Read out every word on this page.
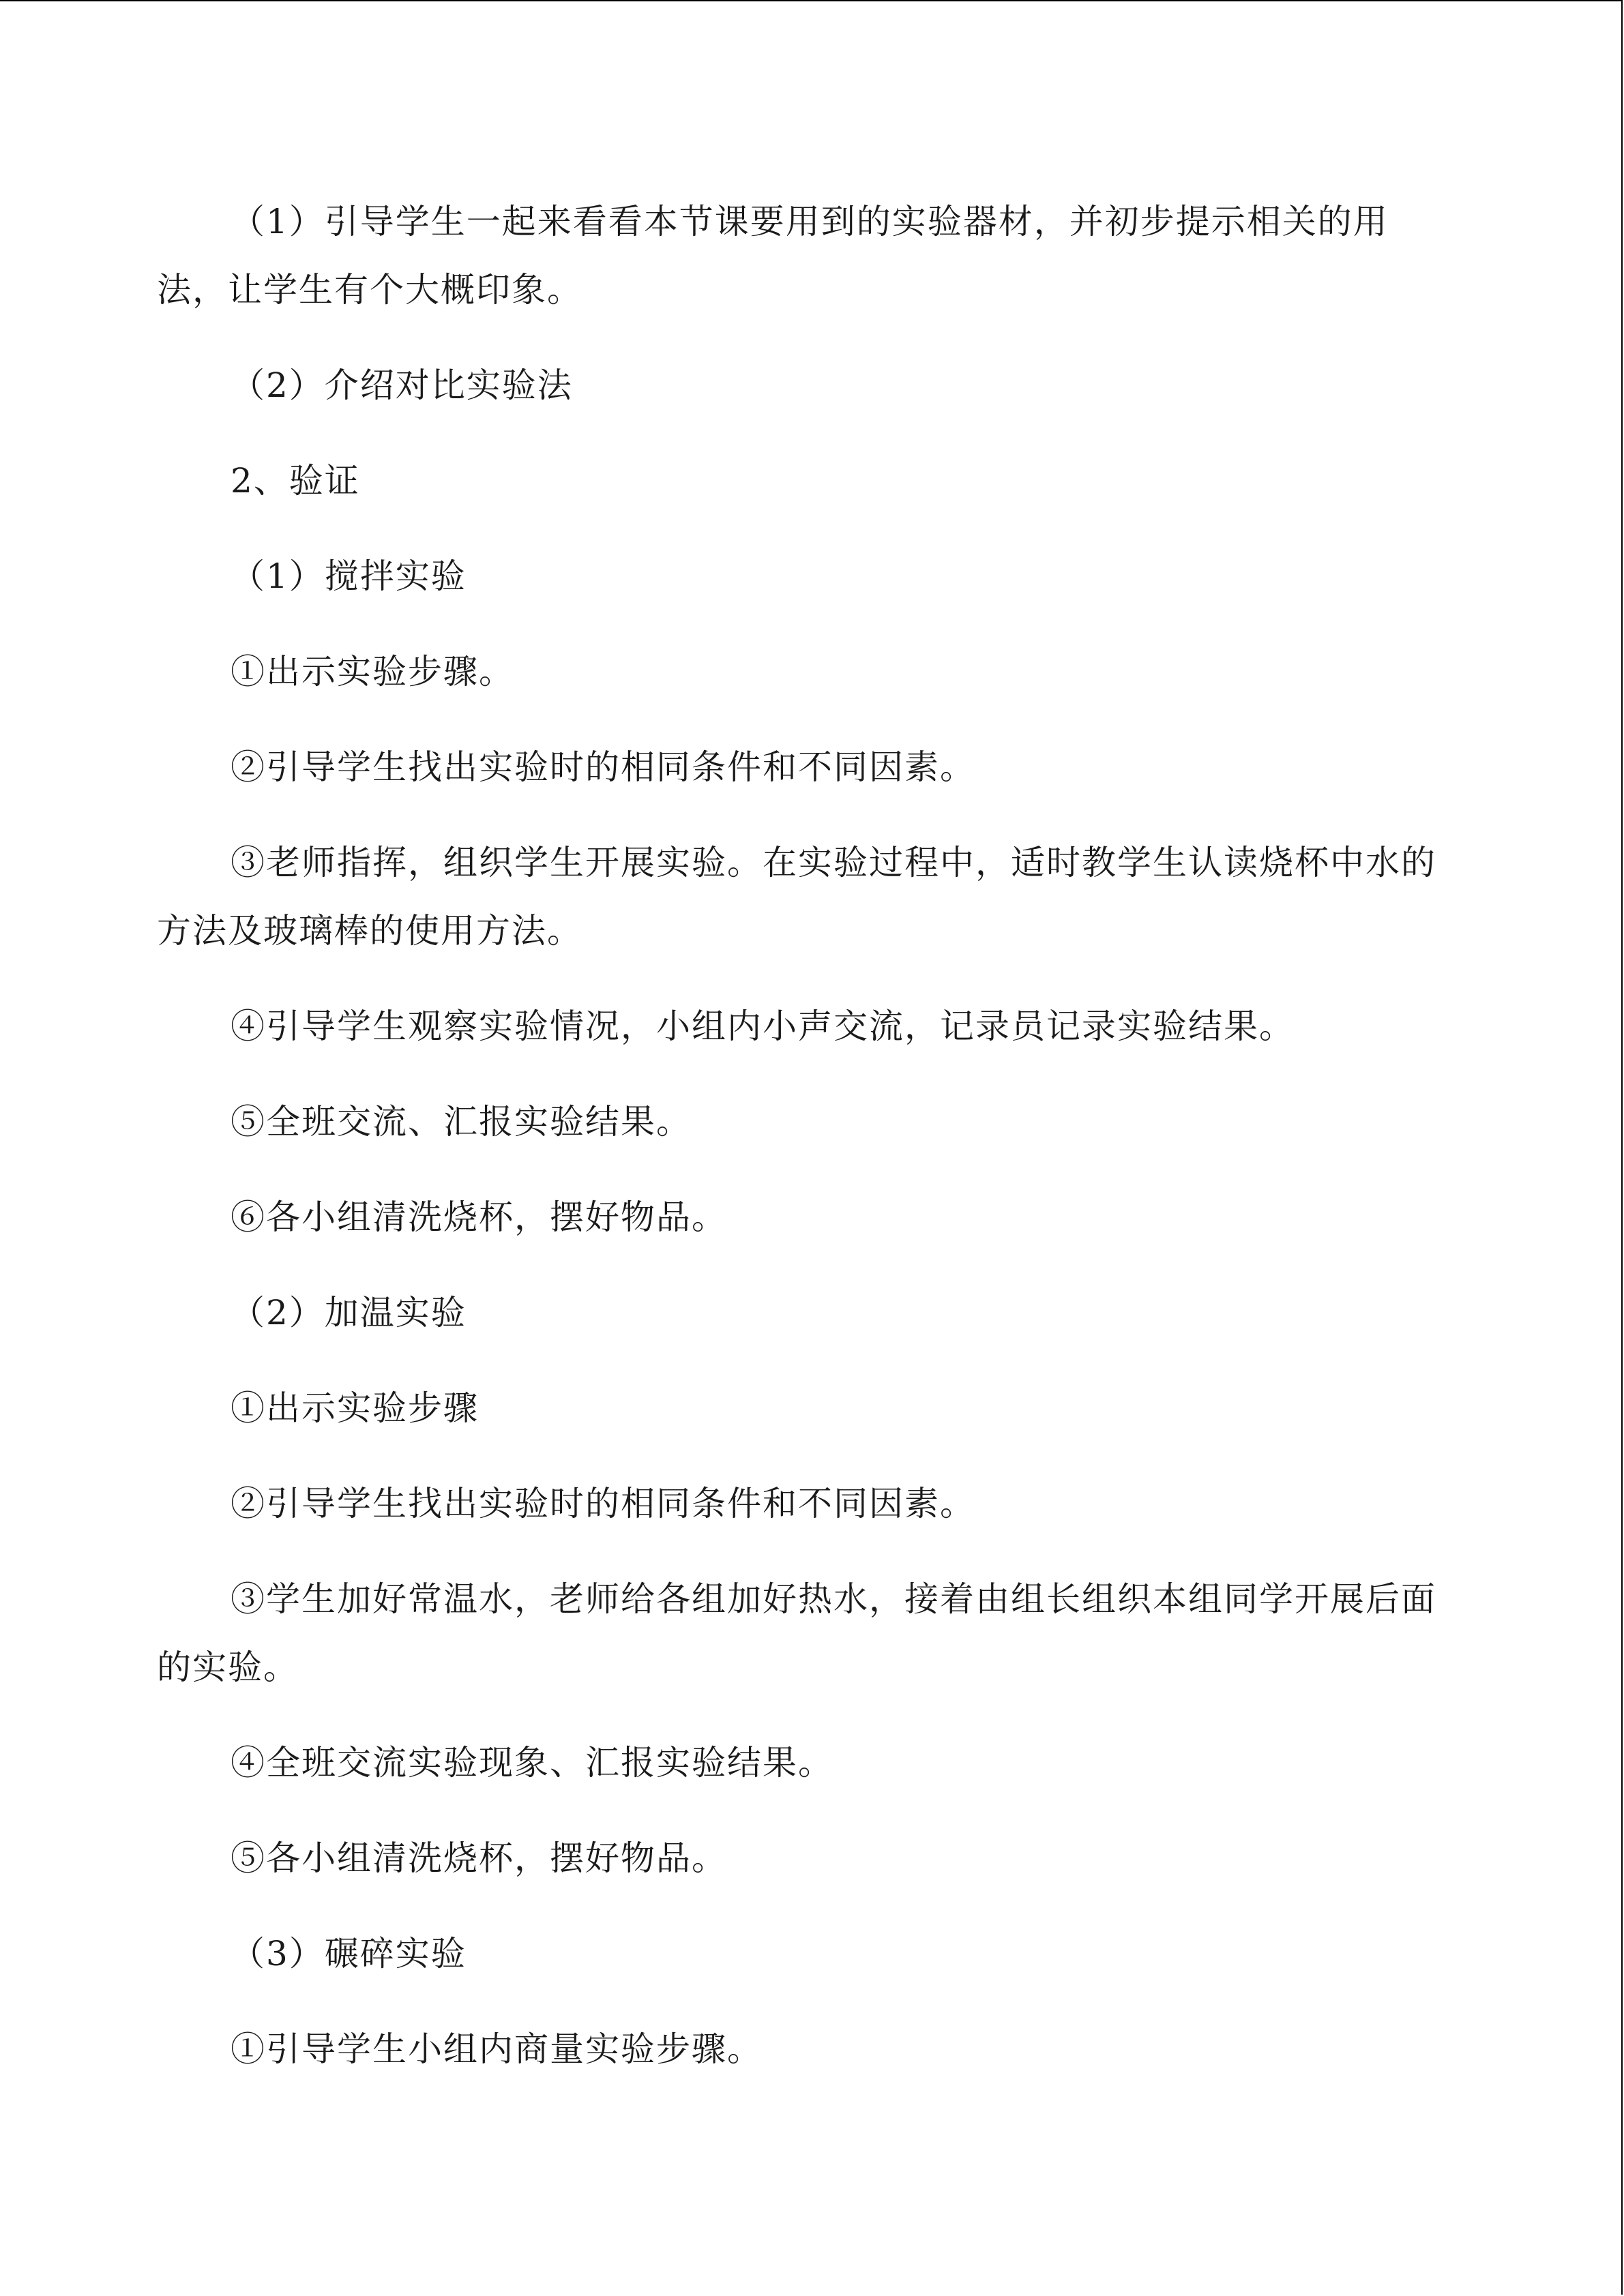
（1）引导学生一起来看看本节课要用到的实验器材，并初步提示相关的用法，让学生有个大概印象。

（2）介绍对比实验法

2、验证

（1）搅拌实验

①出示实验步骤。

②引导学生找出实验时的相同条件和不同因素。

③老师指挥，组织学生开展实验。在实验过程中，适时教学生认读烧杯中水的方法及玻璃棒的使用方法。

④引导学生观察实验情况，小组内小声交流，记录员记录实验结果。

⑤全班交流、汇报实验结果。

⑥各小组清洗烧杯，摆好物品。

（2）加温实验

①出示实验步骤

②引导学生找出实验时的相同条件和不同因素。

③学生加好常温水，老师给各组加好热水，接着由组长组织本组同学开展后面的实验。

④全班交流实验现象、汇报实验结果。

⑤各小组清洗烧杯，摆好物品。

（3）碾碎实验

①引导学生小组内商量实验步骤。
